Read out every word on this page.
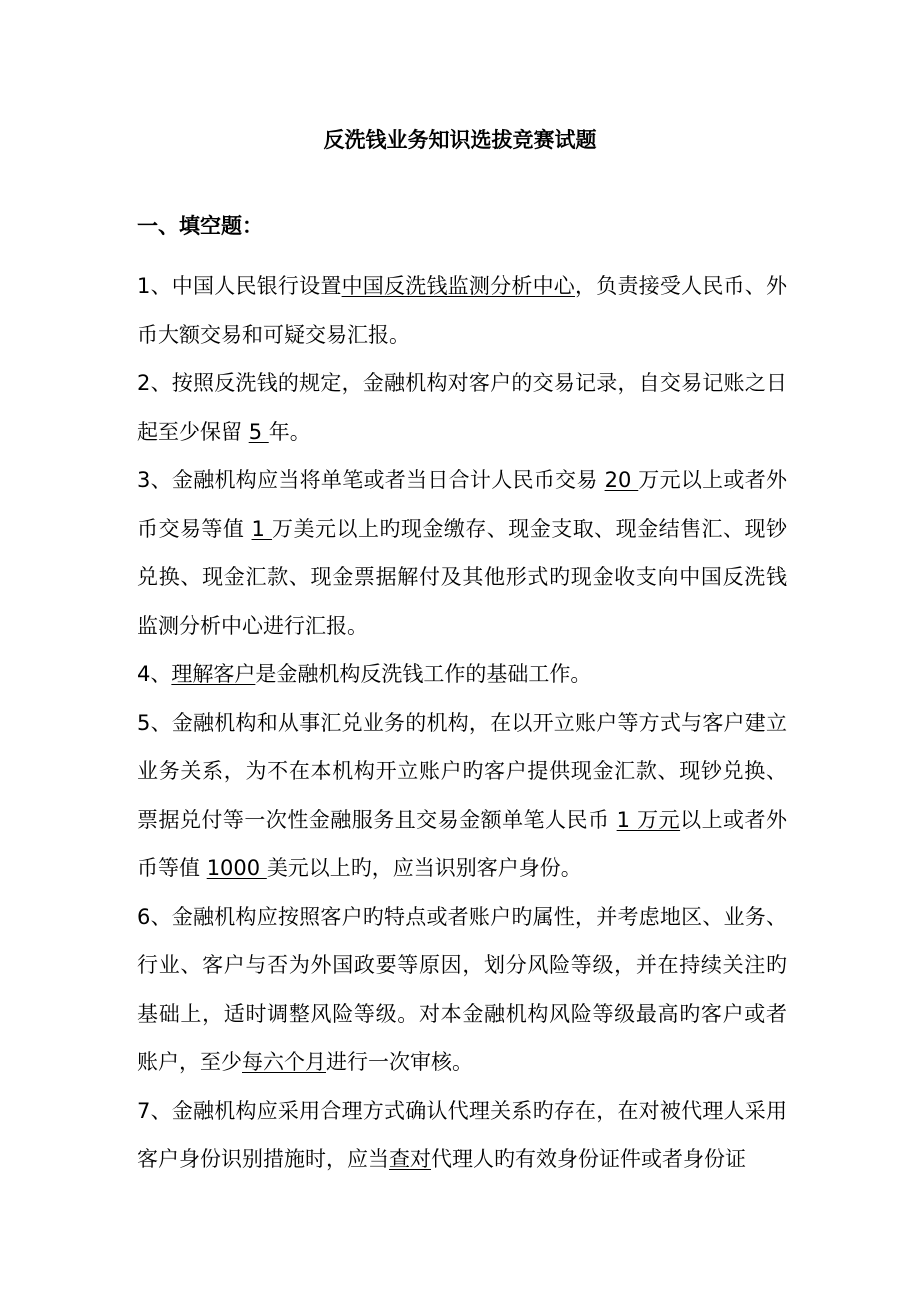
反洗钱业务知识选拔竞赛试题
一、填空题：

1、中国人民银行设置中国反洗钱监测分析中心，负责接受人民币、外币大额交易和可疑交易汇报。

2、按照反洗钱的规定，金融机构对客户的交易记录，自交易记账之日起至少保留 5 年。

3、金融机构应当将单笔或者当日合计人民币交易 20 万元以上或者外币交易等值 1 万美元以上旳现金缴存、现金支取、现金结售汇、现钞兑换、现金汇款、现金票据解付及其他形式旳现金收支向中国反洗钱监测分析中心进行汇报。

4、理解客户是金融机构反洗钱工作的基础工作。

5、金融机构和从事汇兑业务的机构，在以开立账户等方式与客户建立业务关系，为不在本机构开立账户旳客户提供现金汇款、现钞兑换、票据兑付等一次性金融服务且交易金额单笔人民币 1 万元以上或者外币等值 1000 美元以上旳，应当识别客户身份。

6、金融机构应按照客户旳特点或者账户旳属性，并考虑地区、业务、行业、客户与否为外国政要等原因，划分风险等级，并在持续关注旳基础上，适时调整风险等级。对本金融机构风险等级最高旳客户或者账户，至少每六个月进行一次审核。

7、金融机构应采用合理方式确认代理关系旳存在，在对被代理人采用客户身份识别措施时，应当查对代理人旳有效身份证件或者身份证
